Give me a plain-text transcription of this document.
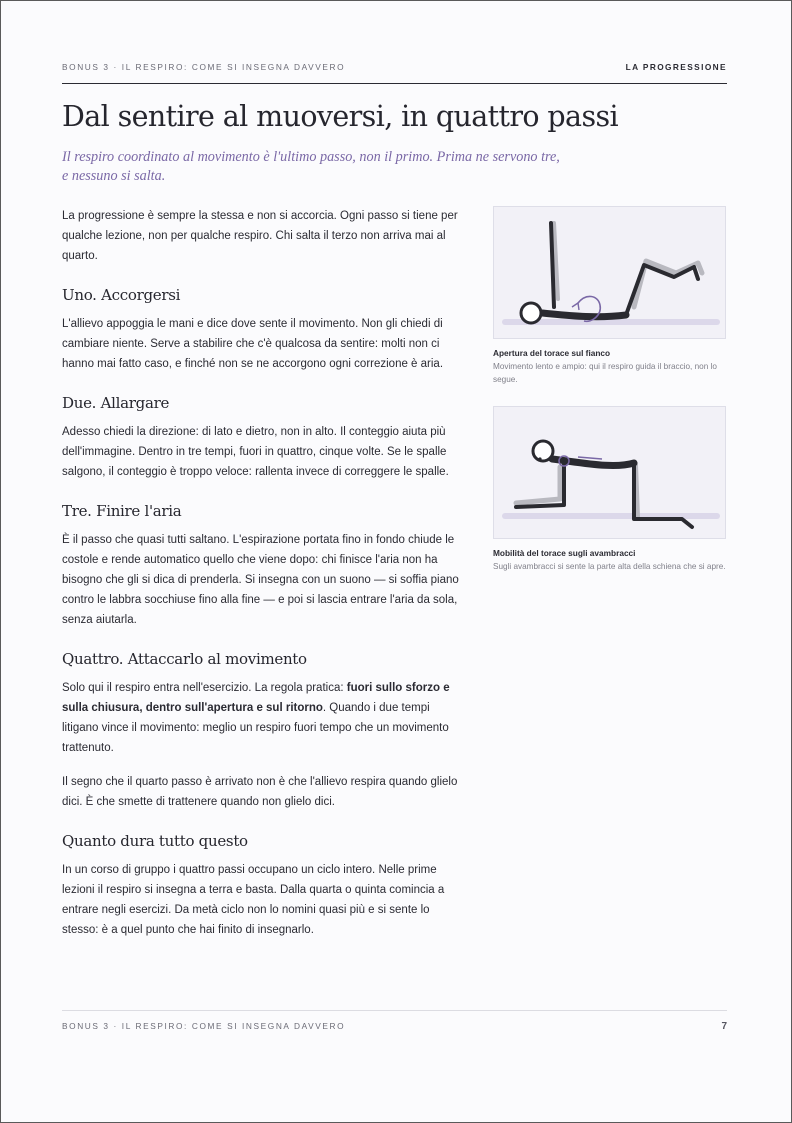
BONUS 3 · IL RESPIRO: COME SI INSEGNA DAVVERO	LA PROGRESSIONE
Dal sentire al muoversi, in quattro passi

Il respiro coordinato al movimento è l'ultimo passo, non il primo. Prima ne servono tre, e nessuno si salta.

La progressione è sempre la stessa e non si accorcia. Ogni passo si tiene per qualche lezione, non per qualche respiro. Chi salta il terzo non arriva mai al quarto.

Uno. Accorgersi

L'allievo appoggia le mani e dice dove sente il movimento. Non gli chiedi di cambiare niente. Serve a stabilire che c'è qualcosa da sentire: molti non ci hanno mai fatto caso, e finché non se ne accorgono ogni correzione è aria.

Due. Allargare

Adesso chiedi la direzione: di lato e dietro, non in alto. Il conteggio aiuta più dell'immagine. Dentro in tre tempi, fuori in quattro, cinque volte. Se le spalle salgono, il conteggio è troppo veloce: rallenta invece di correggere le spalle.

Tre. Finire l'aria

È il passo che quasi tutti saltano. L'espirazione portata fino in fondo chiude le costole e rende automatico quello che viene dopo: chi finisce l'aria non ha bisogno che gli si dica di prenderla. Si insegna con un suono — si soffia piano contro le labbra socchiuse fino alla fine — e poi si lascia entrare l'aria da sola, senza aiutarla.

Quattro. Attaccarlo al movimento

Solo qui il respiro entra nell'esercizio. La regola pratica: fuori sullo sforzo e sulla chiusura, dentro sull'apertura e sul ritorno. Quando i due tempi litigano vince il movimento: meglio un respiro fuori tempo che un movimento trattenuto.

Il segno che il quarto passo è arrivato non è che l'allievo respira quando glielo dici. È che smette di trattenere quando non glielo dici.

Quanto dura tutto questo

In un corso di gruppo i quattro passi occupano un ciclo intero. Nelle prime lezioni il respiro si insegna a terra e basta. Dalla quarta o quinta comincia a entrare negli esercizi. Da metà ciclo non lo nomini quasi più e si sente lo stesso: è a quel punto che hai finito di insegnarlo.

Apertura del torace sul fianco
Movimento lento e ampio: qui il respiro guida il braccio, non lo segue.
Mobilità del torace sugli avambracci
Sugli avambracci si sente la parte alta della schiena che si apre.
BONUS 3 · IL RESPIRO: COME SI INSEGNA DAVVERO	7
